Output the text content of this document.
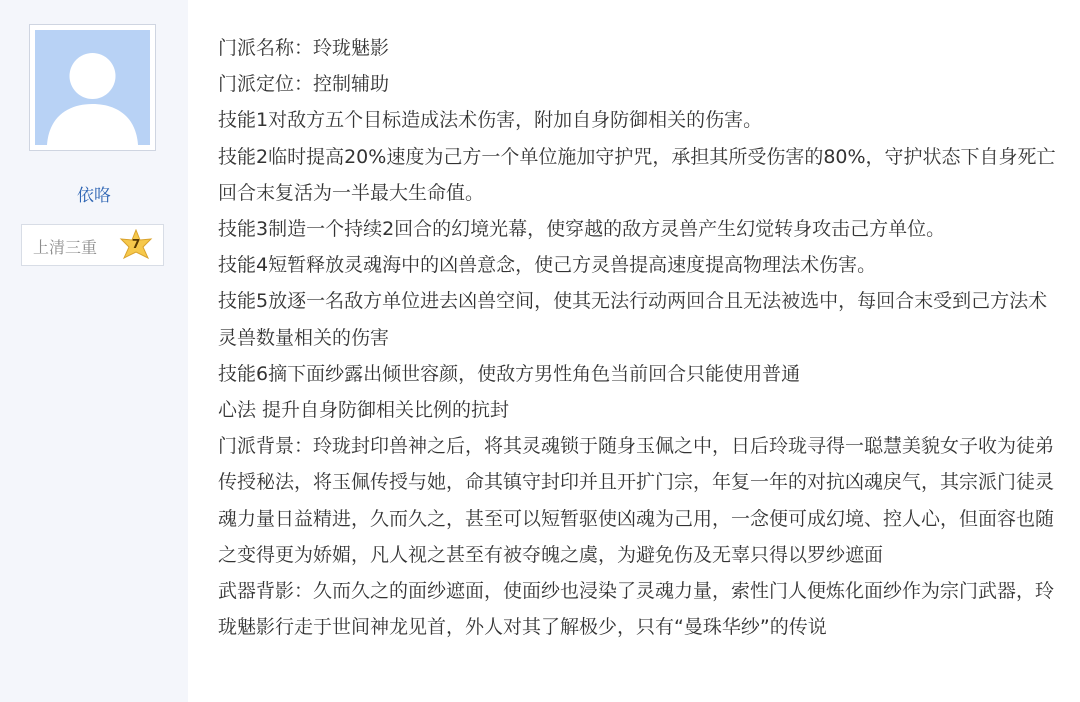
依咯
上清三重	7

门派名称：玲珑魅影

门派定位：控制辅助

技能1对敌方五个目标造成法术伤害，附加自身防御相关的伤害。

技能2临时提高20%速度为己方一个单位施加守护咒，承担其所受伤害的80%，守护状态下自身死亡回合末复活为一半最大生命值。

技能3制造一个持续2回合的幻境光幕，使穿越的敌方灵兽产生幻觉转身攻击己方单位。

技能4短暂释放灵魂海中的凶兽意念，使己方灵兽提高速度提高物理法术伤害。

技能5放逐一名敌方单位进去凶兽空间，使其无法行动两回合且无法被选中，每回合末受到己方法术灵兽数量相关的伤害

技能6摘下面纱露出倾世容颜，使敌方男性角色当前回合只能使用普通

心法 提升自身防御相关比例的抗封

门派背景：玲珑封印兽神之后，将其灵魂锁于随身玉佩之中，日后玲珑寻得一聪慧美貌女子收为徒弟传授秘法，将玉佩传授与她，命其镇守封印并且开扩门宗，年复一年的对抗凶魂戾气，其宗派门徒灵魂力量日益精进，久而久之，甚至可以短暂驱使凶魂为己用，一念便可成幻境、控人心，但面容也随之变得更为娇媚，凡人视之甚至有被夺魄之虞，为避免伤及无辜只得以罗纱遮面

武器背影：久而久之的面纱遮面，使面纱也浸染了灵魂力量，索性门人便炼化面纱作为宗门武器，玲珑魅影行走于世间神龙见首，外人对其了解极少，只有“曼珠华纱”的传说
